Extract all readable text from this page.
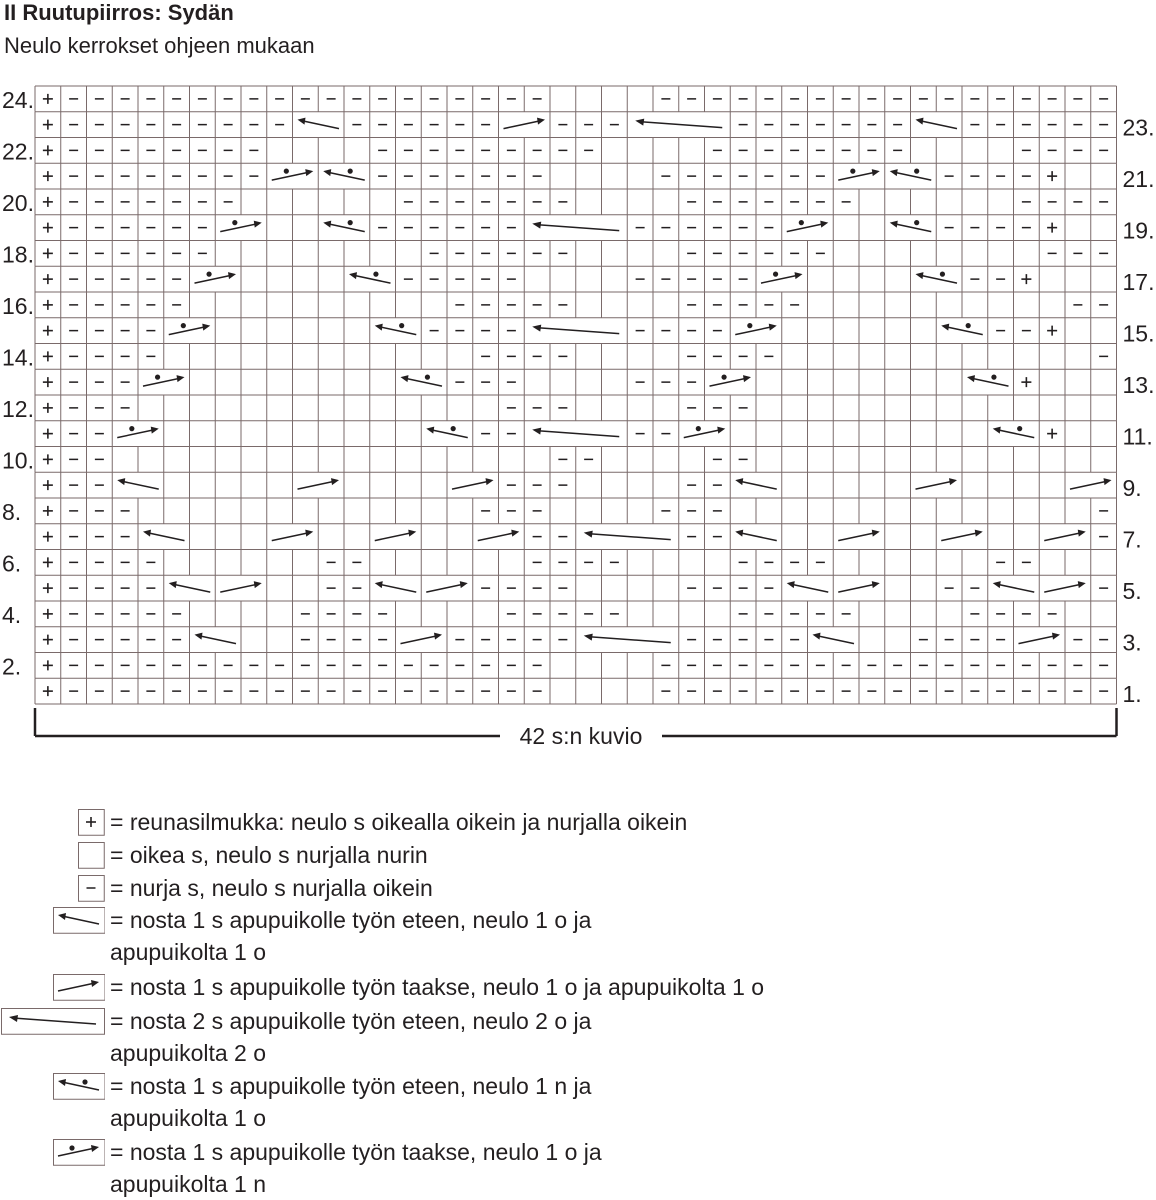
II Ruutupiirros: Sydän
Neulo kerrokset ohjeen mukaan
24.
22.
20.
18.
16.
14.
12.
10.
8.
6.
4.
2.
23.
21.
19.
17.
15.
13.
11.
9.
7.
5.
3.
1.
42 s:n kuvio
= reunasilmukka: neulo s oikealla oikein ja nurjalla oikein
= oikea s, neulo s nurjalla nurin
= nurja s, neulo s nurjalla oikein
= nosta 1 s apupuikolle työn eteen, neulo 1 o ja
apupuikolta 1 o
= nosta 1 s apupuikolle työn taakse, neulo 1 o ja apupuikolta 1 o
= nosta 2 s apupuikolle työn eteen, neulo 2 o ja
apupuikolta 2 o
= nosta 1 s apupuikolle työn eteen, neulo 1 n ja
apupuikolta 1 o
= nosta 1 s apupuikolle työn taakse, neulo 1 o ja
apupuikolta 1 n
